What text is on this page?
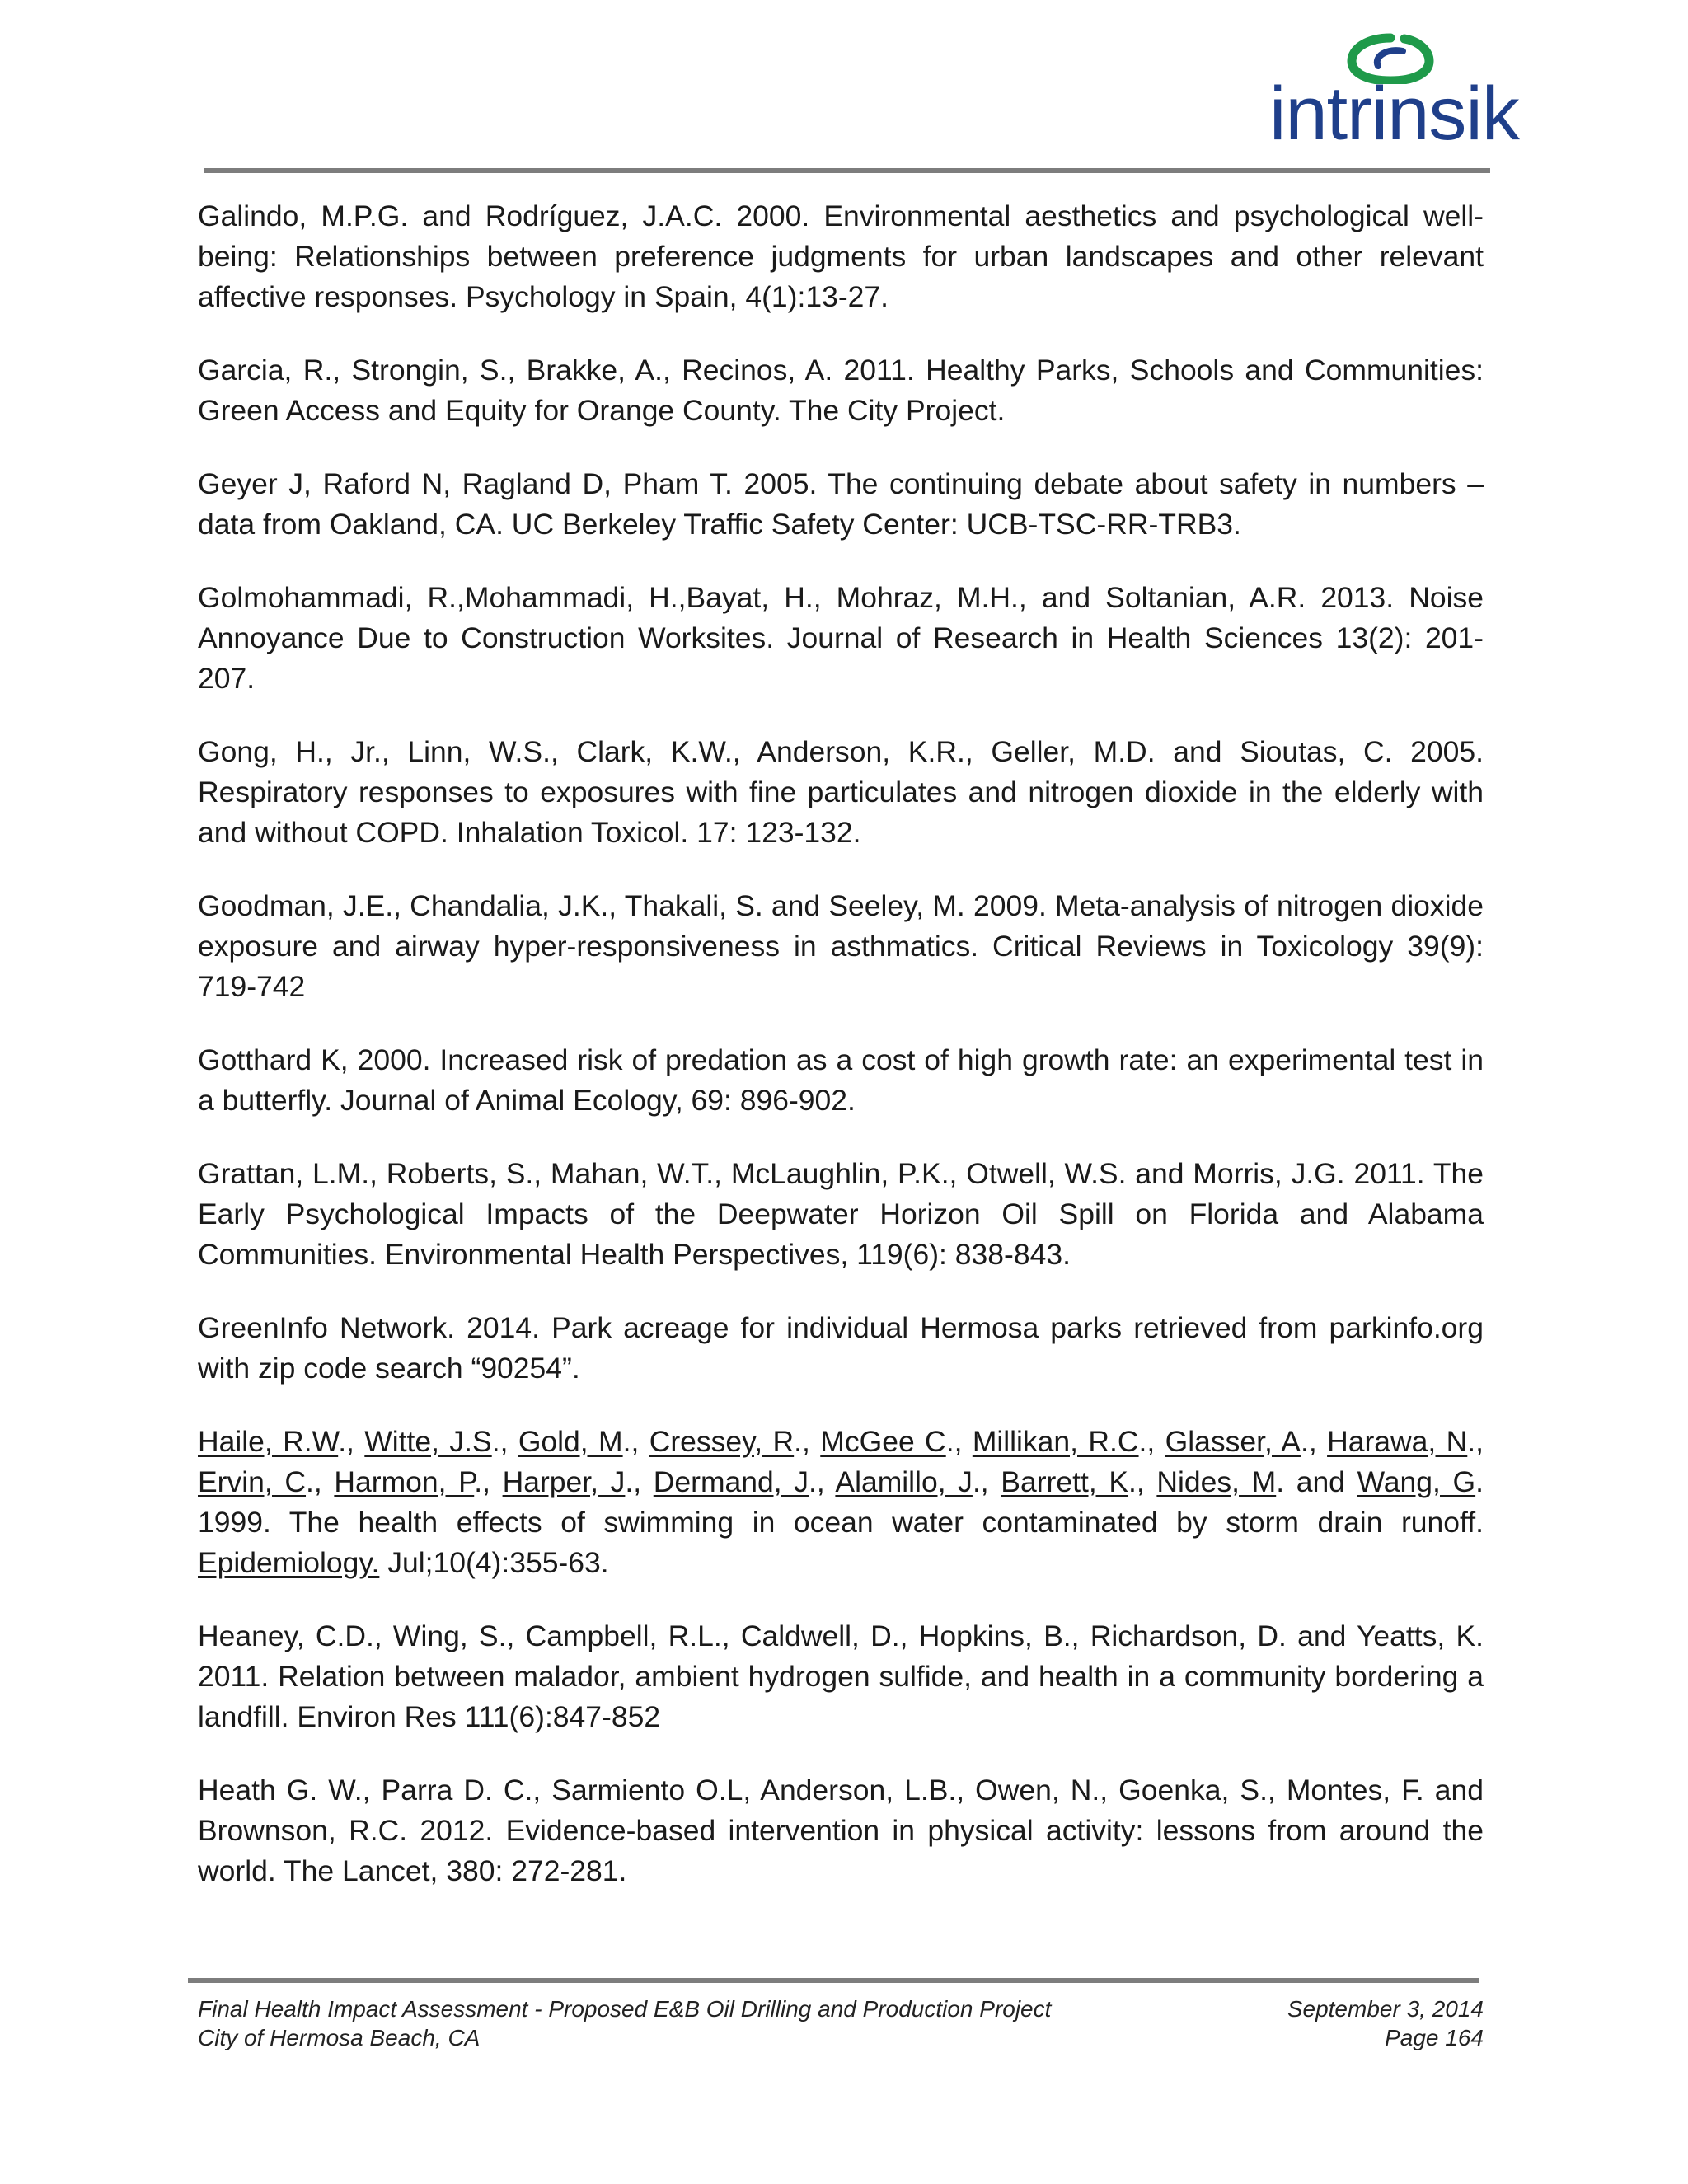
intrinsik

Galindo, M.P.G. and Rodríguez, J.A.C. 2000. Environmental aesthetics and psychological well-being: Relationships between preference judgments for urban landscapes and other relevant affective responses. Psychology in Spain, 4(1):13-27.

Garcia, R., Strongin, S., Brakke, A., Recinos, A. 2011. Healthy Parks, Schools and Communities: Green Access and Equity for Orange County. The City Project.

Geyer J, Raford N, Ragland D, Pham T. 2005. The continuing debate about safety in numbers – data from Oakland, CA. UC Berkeley Traffic Safety Center: UCB-TSC-RR-TRB3.

Golmohammadi, R.,Mohammadi, H.,Bayat, H., Mohraz, M.H., and Soltanian, A.R. 2013. Noise Annoyance Due to Construction Worksites. Journal of Research in Health Sciences 13(2): 201-207.

Gong, H., Jr., Linn, W.S., Clark, K.W., Anderson, K.R., Geller, M.D. and Sioutas, C. 2005. Respiratory responses to exposures with fine particulates and nitrogen dioxide in the elderly with and without COPD. Inhalation Toxicol. 17: 123-132.

Goodman, J.E., Chandalia, J.K., Thakali, S. and Seeley, M. 2009. Meta-analysis of nitrogen dioxide exposure and airway hyper-responsiveness in asthmatics. Critical Reviews in Toxicology 39(9): 719-742

Gotthard K, 2000. Increased risk of predation as a cost of high growth rate: an experimental test in a butterfly. Journal of Animal Ecology, 69: 896-902.

Grattan, L.M., Roberts, S., Mahan, W.T., McLaughlin, P.K., Otwell, W.S. and Morris, J.G. 2011. The Early Psychological Impacts of the Deepwater Horizon Oil Spill on Florida and Alabama Communities. Environmental Health Perspectives, 119(6): 838-843.

GreenInfo Network. 2014. Park acreage for individual Hermosa parks retrieved from parkinfo.org with zip code search “90254”.

Haile, R.W., Witte, J.S., Gold, M., Cressey, R., McGee C., Millikan, R.C., Glasser, A., Harawa, N., Ervin, C., Harmon, P., Harper, J., Dermand, J., Alamillo, J., Barrett, K., Nides, M. and Wang, G. 1999. The health effects of swimming in ocean water contaminated by storm drain runoff. Epidemiology. Jul;10(4):355-63.

Heaney, C.D., Wing, S., Campbell, R.L., Caldwell, D., Hopkins, B., Richardson, D. and Yeatts, K. 2011. Relation between malador, ambient hydrogen sulfide, and health in a community bordering a landfill. Environ Res 111(6):847-852

Heath G. W., Parra D. C., Sarmiento O.L, Anderson, L.B., Owen, N., Goenka, S., Montes, F. and Brownson, R.C. 2012. Evidence-based intervention in physical activity: lessons from around the world. The Lancet, 380: 272-281.

Final Health Impact Assessment - Proposed E&B Oil Drilling and Production Project	September 3, 2014
City of Hermosa Beach, CA	Page 164
